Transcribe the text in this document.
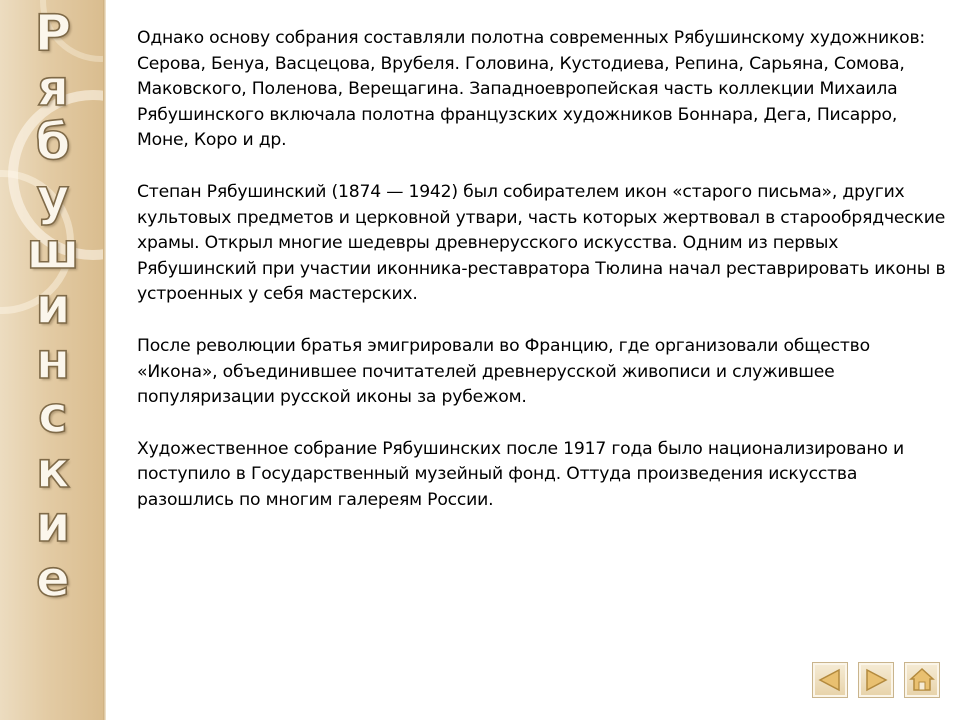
Р
я
б
у
ш
и
н
с
к
и
е

Однако основу собрания составляли полотна современных Рябушинскому художников: Серова, Бенуа, Васцецова, Врубеля. Головина, Кустодиева, Репина, Сарьяна, Сомова, Маковского, Поленова, Верещагина. Западноевропейская часть коллекции Михаила Рябушинского включала полотна французских художников Боннара, Дега, Писарро, Моне, Коро и др.

Степан Рябушинский (1874 — 1942) был собирателем икон «старого письма», других культовых предметов и церковной утвари, часть которых жертвовал в старообрядческие храмы. Открыл многие шедевры древнерусского искусства. Одним из первых Рябушинский при участии иконника-реставратора Тюлина начал реставрировать иконы в устроенных у себя мастерских.

После революции братья эмигрировали во Францию, где организовали общество «Икона», объединившее почитателей древнерусской живописи и служившее популяризации русской иконы за рубежом.

Художественное собрание Рябушинских после 1917 года было национализировано и поступило в Государственный музейный фонд. Оттуда произведения искусства разошлись по многим галереям России.
